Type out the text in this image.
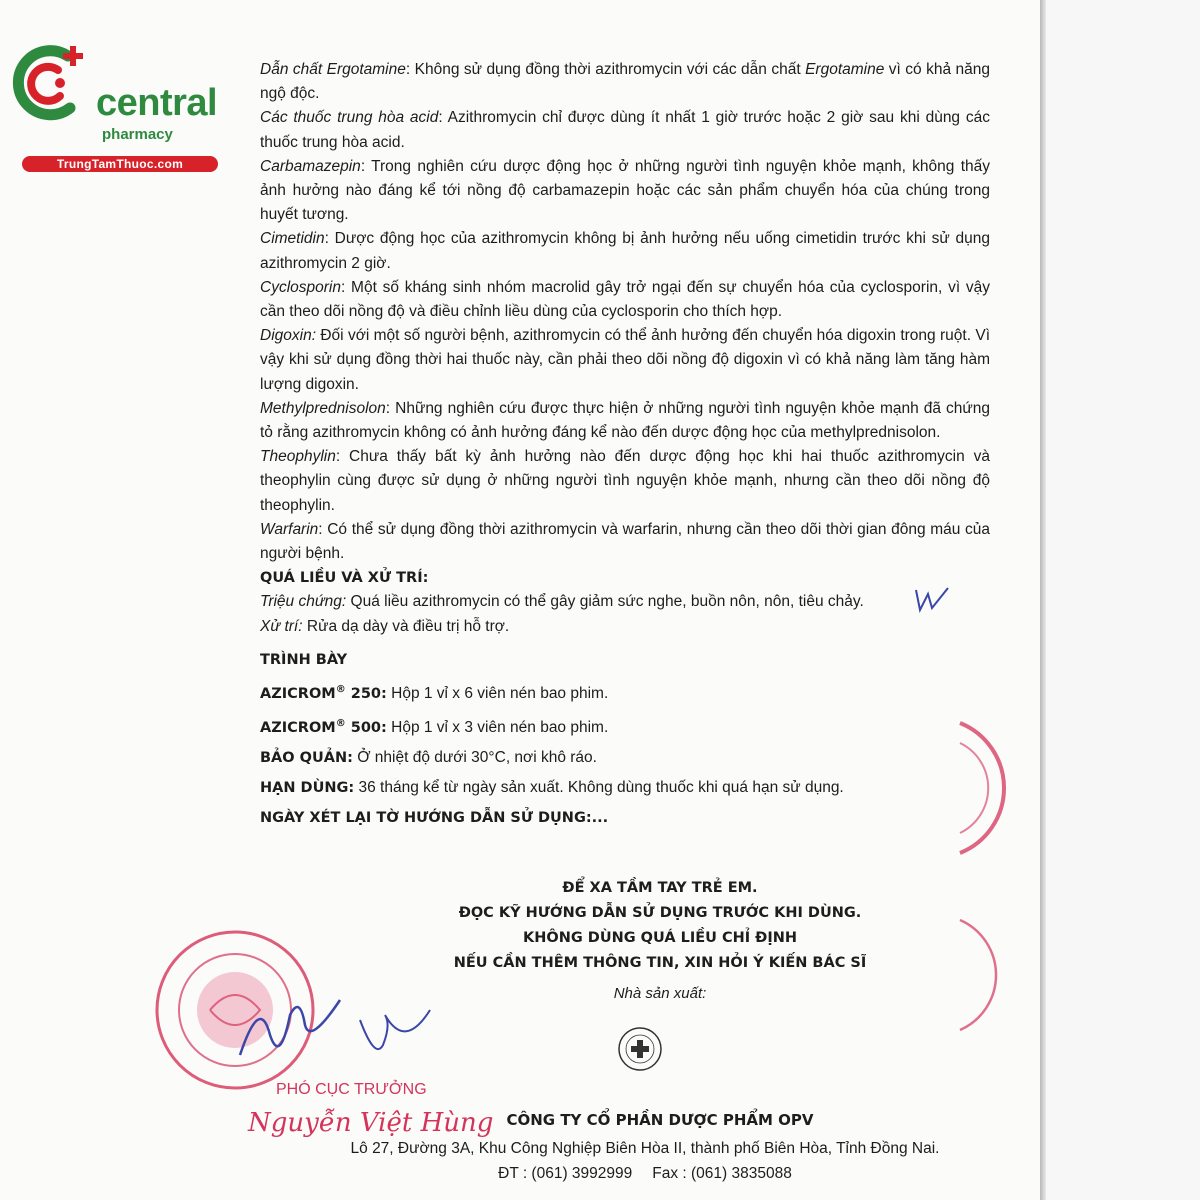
central
pharmacy
TrungTamThuoc.com

Dẫn chất Ergotamine: Không sử dụng đồng thời azithromycin với các dẫn chất Ergotamine vì có khả năng ngộ độc.

Các thuốc trung hòa acid: Azithromycin chỉ được dùng ít nhất 1 giờ trước hoặc 2 giờ sau khi dùng các thuốc trung hòa acid.

Carbamazepin: Trong nghiên cứu dược động học ở những người tình nguyện khỏe mạnh, không thấy ảnh hưởng nào đáng kể tới nồng độ carbamazepin hoặc các sản phẩm chuyển hóa của chúng trong huyết tương.

Cimetidin: Dược động học của azithromycin không bị ảnh hưởng nếu uống cimetidin trước khi sử dụng azithromycin 2 giờ.

Cyclosporin: Một số kháng sinh nhóm macrolid gây trở ngại đến sự chuyển hóa của cyclosporin, vì vậy cần theo dõi nồng độ và điều chỉnh liều dùng của cyclosporin cho thích hợp.

Digoxin: Đối với một số người bệnh, azithromycin có thể ảnh hưởng đến chuyển hóa digoxin trong ruột. Vì vậy khi sử dụng đồng thời hai thuốc này, cần phải theo dõi nồng độ digoxin vì có khả năng làm tăng hàm lượng digoxin.

Methylprednisolon: Những nghiên cứu được thực hiện ở những người tình nguyện khỏe mạnh đã chứng tỏ rằng azithromycin không có ảnh hưởng đáng kể nào đến dược động học của methylprednisolon.

Theophylin: Chưa thấy bất kỳ ảnh hưởng nào đến dược động học khi hai thuốc azithromycin và theophylin cùng được sử dụng ở những người tình nguyện khỏe mạnh, nhưng cần theo dõi nồng độ theophylin.

Warfarin: Có thể sử dụng đồng thời azithromycin và warfarin, nhưng cần theo dõi thời gian đông máu của người bệnh.

QUÁ LIỀU VÀ XỬ TRÍ:

Triệu chứng: Quá liều azithromycin có thể gây giảm sức nghe, buồn nôn, nôn, tiêu chảy.

Xử trí: Rửa dạ dày và điều trị hỗ trợ.

TRÌNH BÀY

AZICROM® 250: Hộp 1 vỉ x 6 viên nén bao phim.

AZICROM® 500: Hộp 1 vỉ x 3 viên nén bao phim.

BẢO QUẢN: Ở nhiệt độ dưới 30°C, nơi khô ráo.

HẠN DÙNG: 36 tháng kể từ ngày sản xuất. Không dùng thuốc khi quá hạn sử dụng.

NGÀY XÉT LẠI TỜ HƯỚNG DẪN SỬ DỤNG:...

ĐỂ XA TẦM TAY TRẺ EM.
ĐỌC KỸ HƯỚNG DẪN SỬ DỤNG TRƯỚC KHI DÙNG.
KHÔNG DÙNG QUÁ LIỀU CHỈ ĐỊNH
NẾU CẦN THÊM THÔNG TIN, XIN HỎI Ý KIẾN BÁC SĨ
Nhà sản xuất:
PHÓ CỤC TRƯỞNG
Nguyễn Việt Hùng CÔNG TY CỔ PHẦN DƯỢC PHẨM OPV
Lô 27, Đường 3A, Khu Công Nghiệp Biên Hòa II, thành phố Biên Hòa, Tỉnh Đồng Nai.
ĐT : (061) 3992999 Fax : (061) 3835088
